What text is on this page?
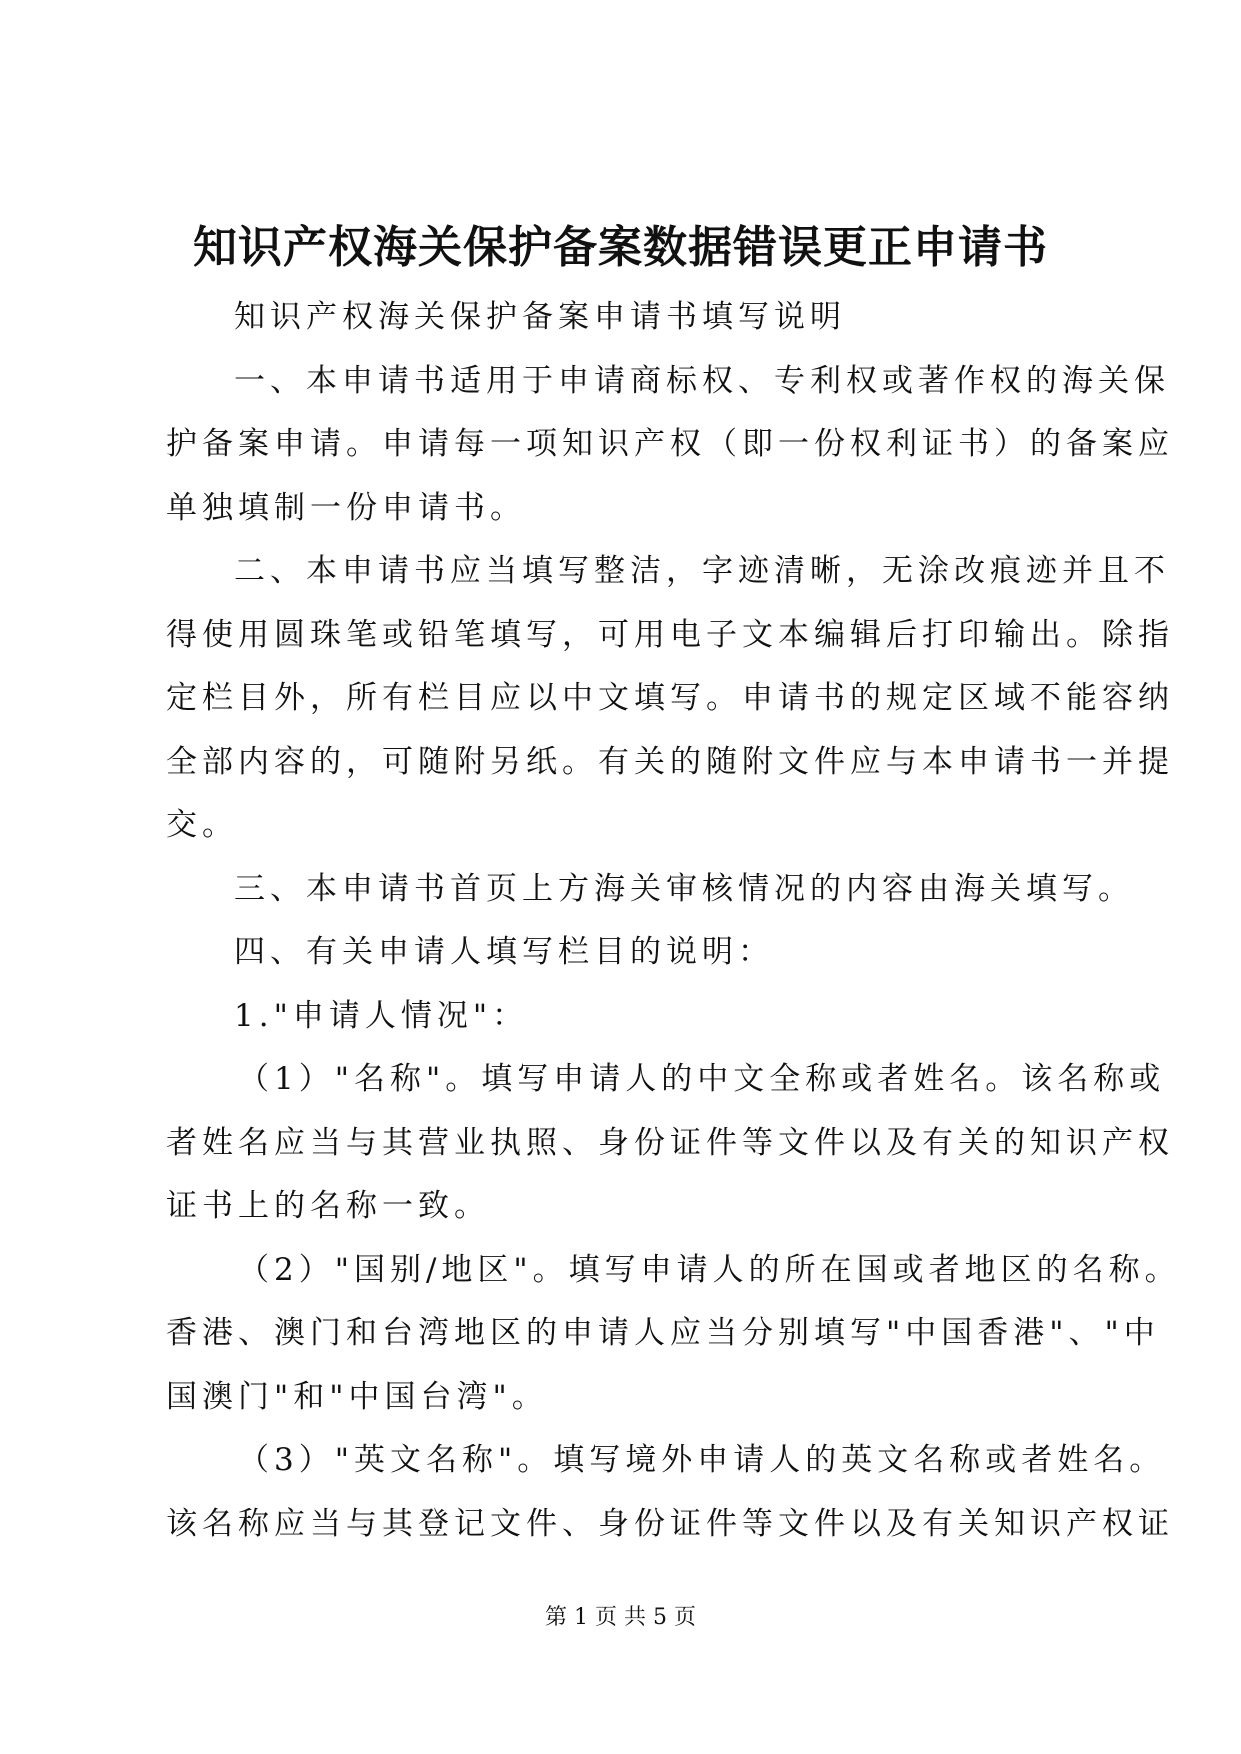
知识产权海关保护备案数据错误更正申请书
知识产权海关保护备案申请书填写说明
一、本申请书适用于申请商标权、专利权或著作权的海关保
护备案申请。申请每一项知识产权（即一份权利证书）的备案应
单独填制一份申请书。
二、本申请书应当填写整洁，字迹清晰，无涂改痕迹并且不
得使用圆珠笔或铅笔填写，可用电子文本编辑后打印输出。除指
定栏目外，所有栏目应以中文填写。申请书的规定区域不能容纳
全部内容的，可随附另纸。有关的随附文件应与本申请书一并提
交。
三、本申请书首页上方海关审核情况的内容由海关填写。
四、有关申请人填写栏目的说明：
1."申请人情况"：
（1）"名称"。填写申请人的中文全称或者姓名。该名称或
者姓名应当与其营业执照、身份证件等文件以及有关的知识产权
证书上的名称一致。
（2）"国别/地区"。填写申请人的所在国或者地区的名称。
香港、澳门和台湾地区的申请人应当分别填写"中国香港"、"中
国澳门"和"中国台湾"。
（3）"英文名称"。填写境外申请人的英文名称或者姓名。
该名称应当与其登记文件、身份证件等文件以及有关知识产权证
第 1 页 共 5 页
